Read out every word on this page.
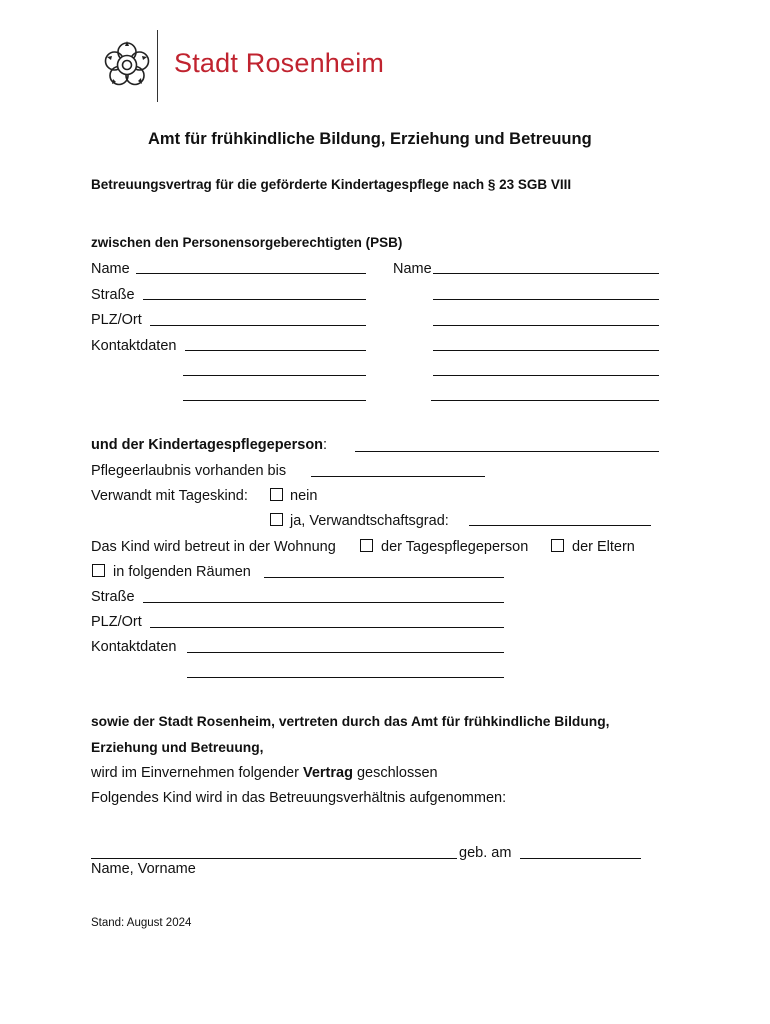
Stadt Rosenheim
Amt für frühkindliche Bildung, Erziehung und Betreuung
Betreuungsvertrag für die geförderte Kindertagespflege nach § 23 SGB VIII
zwischen den Personensorgeberechtigten (PSB)
Name	Name
Straße
PLZ/Ort
Kontaktdaten
und der Kindertagespflegeperson:
Pflegeerlaubnis vorhanden bis
Verwandt mit Tageskind:	nein
ja, Verwandtschaftsgrad:
Das Kind wird betreut in der Wohnung	der Tagespflegeperson	der Eltern
in folgenden Räumen
Straße
PLZ/Ort
Kontaktdaten
sowie der Stadt Rosenheim, vertreten durch das Amt für frühkindliche Bildung,
Erziehung und Betreuung,
wird im Einvernehmen folgender Vertrag geschlossen
Folgendes Kind wird in das Betreuungsverhältnis aufgenommen:
geb. am
Name, Vorname
Stand: August 2024
